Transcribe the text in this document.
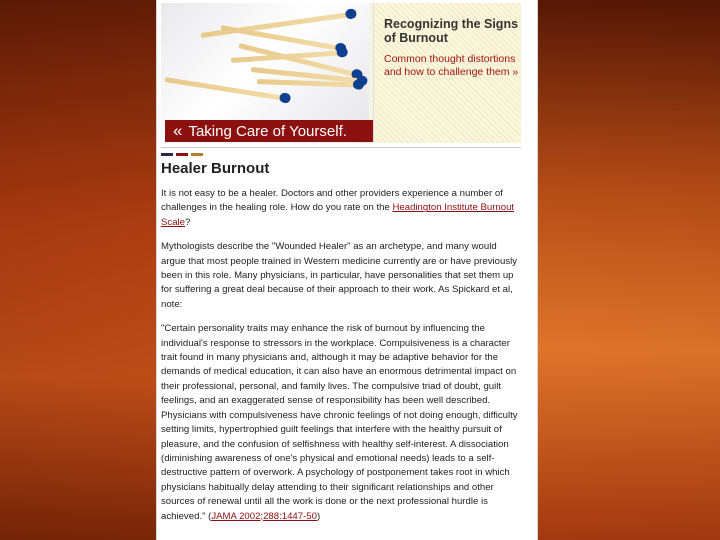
« Taking Care of Yourself.
Recognizing the Signs of Burnout
Common thought distortions and how to challenge them »
Healer Burnout

It is not easy to be a healer. Doctors and other providers experience a number of challenges in the healing role. How do you rate on the Headington Institute Burnout Scale?

Mythologists describe the "Wounded Healer" as an archetype, and many would argue that most people trained in Western medicine currently are or have previously been in this role. Many physicians, in particular, have personalities that set them up for suffering a great deal because of their approach to their work. As Spickard et al, note:

"Certain personality traits may enhance the risk of burnout by influencing the individual's response to stressors in the workplace. Compulsiveness is a character trait found in many physicians and, although it may be adaptive behavior for the demands of medical education, it can also have an enormous detrimental impact on their professional, personal, and family lives. The compulsive triad of doubt, guilt feelings, and an exaggerated sense of responsibility has been well described. Physicians with compulsiveness have chronic feelings of not doing enough, difficulty setting limits, hypertrophied guilt feelings that interfere with the healthy pursuit of pleasure, and the confusion of selfishness with healthy self-interest. A dissociation (diminishing awareness of one's physical and emotional needs) leads to a self-destructive pattern of overwork. A psychology of postponement takes root in which physicians habitually delay attending to their significant relationships and other sources of renewal until all the work is done or the next professional hurdle is achieved." (JAMA 2002;288:1447-50)
